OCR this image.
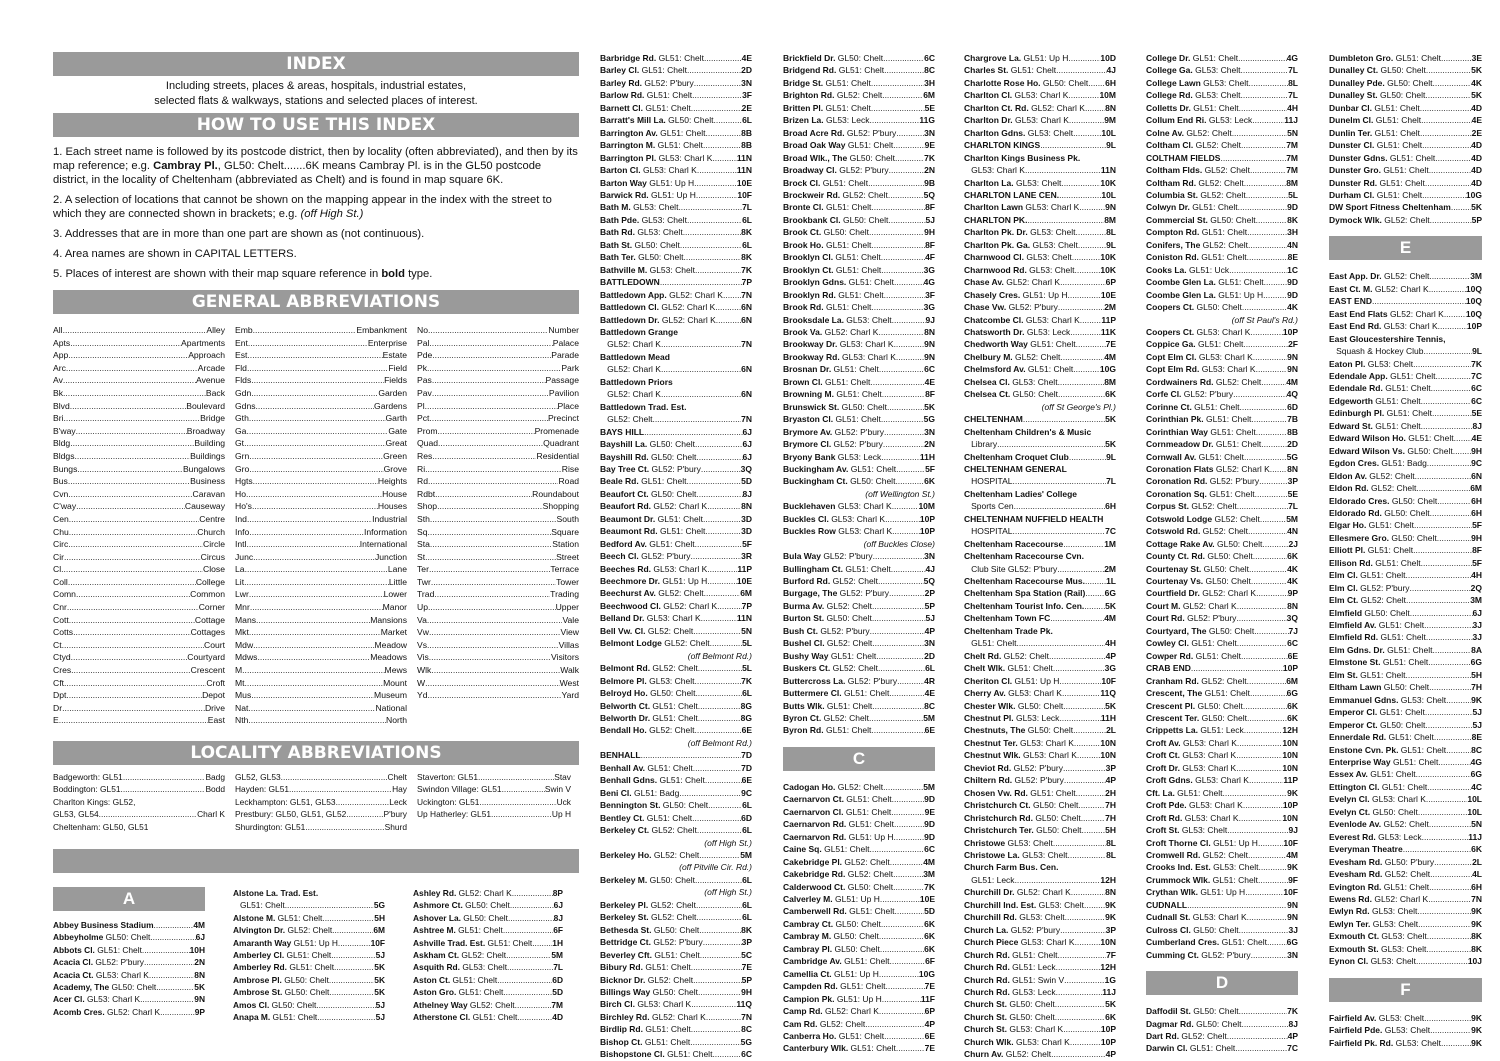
INDEX
Including streets, places & areas, hospitals, industrial estates,
selected flats & walkways, stations and selected places of interest.
HOW TO USE THIS INDEX

1. Each street name is followed by its postcode district, then by locality (often abbreviated), and then by its map reference; e.g. Cambray Pl., GL50: Chelt.......6K means Cambray Pl. is in the GL50 postcode district, in the locality of Cheltenham (abbreviated as Chelt) and is found in map square 6K.

2. A selection of locations that cannot be shown on the mapping appear in the index with the street to which they are connected shown in brackets; e.g. (off High St.)

3. Addresses that are in more than one part are shown as (not continuous).

4. Area names are shown in CAPITAL LETTERS.

5. Places of interest are shown with their map square reference in bold type.

GENERAL ABBREVIATIONS
All .....	Alley
Apts .....	Apartments
App .....	Approach
Arc .....	Arcade
Av .....	Avenue
Bk .....	Back
Blvd .....	Boulevard
Bri .....	Bridge
B'way .....	Broadway
Bldg .....	Building
Bldgs .....	Buildings
Bungs .....	Bungalows
Bus .....	Business
Cvn .....	Caravan
C'way .....	Causeway
Cen .....	Centre
Chu .....	Church
Circ .....	Circle
Cir .....	Circus
Cl .....	Close
Coll .....	College
Comn .....	Common
Cnr .....	Corner
Cott .....	Cottage
Cotts .....	Cottages
Ct .....	Court
Ctyd .....	Courtyard
Cres .....	Crescent
Cft .....	Croft
Dpt .....	Depot
Dr .....	Drive
E .....	East
Emb .....	Embankment
Ent .....	Enterprise
Est .....	Estate
Fld .....	Field
Flds .....	Fields
Gdn .....	Garden
Gdns .....	Gardens
Gth .....	Garth
Ga .....	Gate
Gt .....	Great
Grn .....	Green
Gro .....	Grove
Hgts .....	Heights
Ho .....	House
Ho's .....	Houses
Ind .....	Industrial
Info .....	Information
Intl .....	International
Junc .....	Junction
La .....	Lane
Lit .....	Little
Lwr .....	Lower
Mnr .....	Manor
Mans .....	Mansions
Mkt .....	Market
Mdw .....	Meadow
Mdws .....	Meadows
M .....	Mews
Mt .....	Mount
Mus .....	Museum
Nat .....	National
Nth .....	North
No .....	Number
Pal .....	Palace
Pde .....	Parade
Pk .....	Park
Pas .....	Passage
Pav .....	Pavilion
Pl .....	Place
Pct .....	Precinct
Prom .....	Promenade
Quad .....	Quadrant
Res .....	Residential
Ri .....	Rise
Rd .....	Road
Rdbt .....	Roundabout
Shop .....	Shopping
Sth .....	South
Sq .....	Square
Sta .....	Station
St .....	Street
Ter .....	Terrace
Twr .....	Tower
Trad .....	Trading
Up .....	Upper
Va .....	Vale
Vw .....	View
Vs .....	Villas
Vis .....	Visitors
Wlk .....	Walk
W .....	West
Yd .....	Yard
LOCALITY ABBREVIATIONS
Badgeworth: GL51 .....	Badg
Boddington: GL51 .....	Bodd
Charlton Kings: GL52,
GL53, GL54 .....	Charl K
Cheltenham: GL50, GL51
GL52, GL53 .....	Chelt
Hayden: GL51 .....	Hay
Leckhampton: GL51, GL53 .....	Leck
Prestbury: GL50, GL51, GL52 .....	P'bury
Shurdington: GL51 .....	Shurd
Staverton: GL51 .....	Stav
Swindon Village: GL51 .....	Swin V
Uckington: GL51 .....	Uck
Up Hatherley: GL51 .....	Up H
A
Abbey Business Stadium .....	4M
Abbeyholme GL50: Chelt .....	6J
Abbots Cl. GL51: Chelt .....	10H
Acacia Cl. GL52: P'bury .....	2N
Acacia Ct. GL53: Charl K .....	8N
Academy, The GL50: Chelt .....	5K
Acer Cl. GL53: Charl K .....	9N
Acomb Cres. GL52: Charl K .....	9P
Alstone La. Trad. Est.
GL51: Chelt .....	5G
Alstone M. GL51: Chelt .....	5H
Alvington Dr. GL52: Chelt .....	6M
Amaranth Way GL51: Up H .....	10F
Amberley Cl. GL51: Chelt .....	5J
Amberley Rd. GL51: Chelt .....	5K
Ambrose Pl. GL50: Chelt .....	5K
Ambrose St. GL50: Chelt .....	5K
Amos Cl. GL50: Chelt .....	5J
Anapa M. GL51: Chelt .....	5J
Ashley Rd. GL52: Charl K .....	8P
Ashmore Ct. GL50: Chelt .....	6J
Ashover La. GL50: Chelt .....	8J
Ashtree M. GL51: Chelt .....	6F
Ashville Trad. Est. GL51: Chelt ..... 1H
Askham Ct. GL52: Chelt .....	5M
Asquith Rd. GL53: Chelt .....	7L
Aston Ct. GL51: Chelt .....	6D
Aston Gro. GL51: Chelt .....	5D
Athelney Way GL52: Chelt .....	7M
Atherstone Cl. GL51: Chelt .....	4D
Barbridge Rd. GL51: Chelt .....	4E
Barley Cl. GL51: Chelt .....	2D
Barley Rd. GL52: P'bury .....	3N
Barlow Rd. GL51: Chelt .....	3F
Barnett Cl. GL51: Chelt .....	2E
Barratt's Mill La. GL50: Chelt .....	6L
Barrington Av. GL51: Chelt .....	8B
Barrington M. GL51: Chelt .....	8B
Barrington Pl. GL53: Charl K .....	11N
Barton Cl. GL53: Charl K .....	11N
Barton Way GL51: Up H .....	10E
Barwick Rd. GL51: Up H .....	10F
Bath M. GL53: Chelt .....	7L
Bath Pde. GL53: Chelt .....	6L
Bath Rd. GL53: Chelt .....	8K
Bath St. GL50: Chelt .....	6L
Bath Ter. GL50: Chelt .....	8K
Bathville M. GL53: Chelt .....	7K
BATTLEDOWN .....	7P
Battledown App. GL52: Charl K ..... 7N
Battledown Cl. GL52: Charl K .....	6N
Battledown Dr. GL52: Charl K .....	6N
Battledown Grange
GL52: Charl K .....	7N
Battledown Mead
GL52: Charl K .....	6N
Battledown Priors
GL52: Charl K .....	6N
Battledown Trad. Est.
GL52: Chelt .....	7N
BAYS HILL .....	6J
Bayshill La. GL50: Chelt .....	6J
Bayshill Rd. GL50: Chelt .....	6J
Bay Tree Ct. GL52: P'bury .....	3Q
Beale Rd. GL51: Chelt .....	5D
Beaufort Ct. GL50: Chelt .....	8J
Beaufort Rd. GL52: Charl K .....	8N
Beaumont Dr. GL51: Chelt .....	3D
Beaumont Rd. GL51: Chelt .....	3D
Bedford Av. GL51: Chelt .....	5F
Beech Cl. GL52: P'bury .....	3R
Beeches Rd. GL53: Charl K .....	11P
Beechmore Dr. GL51: Up H .....	10E
Beechurst Av. GL52: Chelt .....	6M
Beechwood Cl. GL52: Charl K .....	7P
Belland Dr. GL53: Charl K .....	11N
Bell Vw. Cl. GL52: Chelt .....	5N
Belmont Lodge GL52: Chelt .....	5L
(off Belmont Rd.)
Belmont Rd. GL52: Chelt .....	5L
Belmore Pl. GL53: Chelt .....	7K
Belroyd Ho. GL50: Chelt .....	6L
Belworth Ct. GL51: Chelt .....	8G
Belworth Dr. GL51: Chelt .....	8G
Bendall Ho. GL52: Chelt .....	6E
(off Belmont Rd.)
BENHALL .....	7D
Benhall Av. GL51: Chelt .....	7D
Benhall Gdns. GL51: Chelt .....	6E
Beni Cl. GL51: Badg .....	9C
Bennington St. GL50: Chelt .....	6L
Bentley Ct. GL51: Chelt .....	6D
Berkeley Ct. GL52: Chelt .....	6L
(off High St.)
Berkeley Ho. GL52: Chelt .....	5M
(off Pitville Cir. Rd.)
Berkeley M. GL50: Chelt .....	6L
(off High St.)
Berkeley Pl. GL52: Chelt .....	6L
Berkeley St. GL52: Chelt .....	6L
Bethesda St. GL50: Chelt .....	8K
Bettridge Ct. GL52: P'bury .....	3P
Beverley Cft. GL51: Chelt .....	5C
Bibury Rd. GL51: Chelt .....	7E
Bicknor Dr. GL52: Chelt .....	5P
Billings Way GL50: Chelt .....	9H
Birch Cl. GL53: Charl K .....	11Q
Birchley Rd. GL52: Charl K .....	7N
Birdlip Rd. GL51: Chelt .....	8C
Bishop Ct. GL51: Chelt .....	5G
Bishopstone Cl. GL51: Chelt .....	6C
Brickfield Dr. GL50: Chelt .....	6C
Bridgend Rd. GL51: Chelt .....	8C
Bridge St. GL51: Chelt .....	3H
Brighton Rd. GL52: Chelt .....	6M
Britten Pl. GL51: Chelt .....	5E
Brizen La. GL53: Leck .....	11G
Broad Acre Rd. GL52: P'bury .....	3N
Broad Oak Way GL51: Chelt .....	9E
Broad Wlk., The GL50: Chelt .....	7K
Broadway Cl. GL52: P'bury .....	2N
Brock Cl. GL51: Chelt .....	9B
Brockweir Rd. GL52: Chelt .....	5Q
Bronte Cl. GL51: Chelt .....	8F
Brookbank Cl. GL50: Chelt .....	5J
Brook Ct. GL50: Chelt .....	9H
Brook Ho. GL51: Chelt .....	8F
Brooklyn Cl. GL51: Chelt .....	4F
Brooklyn Ct. GL51: Chelt .....	3G
Brooklyn Gdns. GL51: Chelt .....	4G
Brooklyn Rd. GL51: Chelt .....	3F
Brook Rd. GL51: Chelt .....	3G
Brooksdale La. GL53: Chelt .....	9J
Brook Va. GL52: Charl K .....	8N
Brookway Dr. GL53: Charl K .....	9N
Brookway Rd. GL53: Charl K .....	9N
Brosnan Dr. GL51: Chelt .....	6C
Brown Cl. GL51: Chelt .....	4E
Browning M. GL51: Chelt .....	8F
Brunswick St. GL50: Chelt .....	5K
Bryaston Cl. GL51: Chelt .....	5G
Brymore Av. GL52: P'bury .....	3N
Brymore Cl. GL52: P'bury .....	2N
Bryony Bank GL53: Leck .....	11H
Buckingham Av. GL51: Chelt .....	5F
Buckingham Ct. GL50: Chelt .....	6K
(off Wellington St.)
Bucklehaven GL53: Charl K .....	10M
Buckles Cl. GL53: Charl K .....	10P
Buckles Row GL53: Charl K .....	10P
(off Buckles Close)
Bula Way GL52: P'bury .....	3N
Bullingham Ct. GL51: Chelt .....	4J
Burford Rd. GL52: Chelt .....	5Q
Burgage, The GL52: P'bury .....	2P
Burma Av. GL52: Chelt .....	5P
Burton St. GL50: Chelt .....	5J
Bush Ct. GL52: P'bury .....	4P
Bushel Cl. GL52: Chelt .....	3N
Bushy Way GL51: Chelt .....	2D
Buskers Ct. GL52: Chelt .....	6L
Buttercross La. GL52: P'bury .....	4R
Buttermere Cl. GL51: Chelt .....	4E
Butts Wlk. GL51: Chelt .....	8C
Byron Ct. GL52: Chelt .....	5M
Byron Rd. GL51: Chelt .....	6E
C
Cadogan Ho. GL52: Chelt .....	5M
Caernarvon Ct. GL51: Chelt .....	9D
Caernarvon Cl. GL51: Chelt .....	9E
Caernarvon Rd. GL51: Chelt .....	9D
Caernarvon Rd. GL51: Up H .....	9D
Caine Sq. GL51: Chelt .....	6C
Cakebridge Pl. GL52: Chelt .....	4M
Cakebridge Rd. GL52: Chelt .....	3M
Calderwood Ct. GL50: Chelt .....	7K
Calverley M. GL51: Up H .....	10E
Camberwell Rd. GL51: Chelt .....	5D
Cambray Ct. GL50: Chelt .....	6K
Cambray M. GL50: Chelt .....	6K
Cambray Pl. GL50: Chelt .....	6K
Cambridge Av. GL51: Chelt .....	6F
Camellia Ct. GL51: Up H .....	10G
Campden Rd. GL51: Chelt .....	7E
Campion Pk. GL51: Up H .....	11F
Camp Rd. GL52: Charl K .....	6P
Cam Rd. GL52: Chelt .....	4P
Canberra Ho. GL51: Chelt .....	6E
Canterbury Wlk. GL51: Chelt .....	7E
Chargrove La. GL51: Up H .....	10D
Charles St. GL51: Chelt .....	4J
Charlotte Rose Ho. GL50: Chelt ..... 6H
Charlton Cl. GL53: Charl K .....	10M
Charlton Ct. Rd. GL52: Charl K ..... 8N
Charlton Dr. GL53: Charl K .....	9M
Charlton Gdns. GL53: Chelt .....	10L
CHARLTON KINGS .....	9L
Charlton Kings Business Pk.
GL53: Charl K .....	11N
Charlton La. GL53: Chelt .....	10K
CHARLTON LANE CEN. .....	10L
Charlton Lawn GL53: Charl K .....	9N
CHARLTON PK. .....	8M
Charlton Pk. Dr. GL53: Chelt .....	8L
Charlton Pk. Ga. GL53: Chelt .....	9L
Charnwood Cl. GL53: Chelt .....	10K
Charnwood Rd. GL53: Chelt .....	10K
Chase Av. GL52: Charl K .....	6P
Chasely Cres. GL51: Up H .....	10E
Chase Vw. GL52: P'bury .....	2M
Chatcombe Cl. GL53: Charl K .....	11P
Chatsworth Dr. GL53: Leck .....	11K
Chedworth Way GL51: Chelt .....	7E
Chelbury M. GL52: Chelt .....	4M
Chelmsford Av. GL51: Chelt .....	10G
Chelsea Cl. GL53: Chelt .....	8M
Chelsea Ct. GL50: Chelt .....	6K
(off St George's Pl.)
CHELTENHAM .....	5K
Cheltenham Children's & Music
Library .....	5K
Cheltenham Croquet Club .....	9L
CHELTENHAM GENERAL
HOSPITAL .....	7L
Cheltenham Ladies' College
Sports Cen. .....	6H
CHELTENHAM NUFFIELD HEALTH
HOSPITAL .....	7C
Cheltenham Racecourse .....	1M
Cheltenham Racecourse Cvn.
Club Site GL52: P'bury .....	2M
Cheltenham Racecourse Mus. ..... 1L
Cheltenham Spa Station (Rail) ..... 6G
Cheltenham Tourist Info. Cen. ..... 5K
Cheltenham Town FC .....	4M
Cheltenham Trade Pk.
GL51: Chelt .....	4H
Chelt Rd. GL52: Chelt .....	4P
Chelt Wlk. GL51: Chelt .....	3G
Cheriton Cl. GL51: Up H .....	10F
Cherry Av. GL53: Charl K .....	11Q
Chester Wlk. GL50: Chelt .....	5K
Chestnut Pl. GL53: Leck .....	11H
Chestnuts, The GL50: Chelt .....	2L
Chestnut Ter. GL53: Charl K .....	10N
Chestnut Wlk. GL53: Charl K .....	10N
Cheviot Rd. GL52: P'bury .....	3P
Chiltern Rd. GL52: P'bury .....	4P
Chosen Vw. Rd. GL51: Chelt .....	2H
Christchurch Ct. GL50: Chelt .....	7H
Christchurch Rd. GL50: Chelt .....	7H
Christchurch Ter. GL50: Chelt .....	5H
Christowe GL53: Chelt .....	8L
Christowe La. GL53: Chelt .....	8L
Church Farm Bus. Cen.
GL51: Leck .....	12H
Churchill Dr. GL52: Charl K .....	8N
Churchill Ind. Est. GL53: Chelt ..... 9K
Churchill Rd. GL53: Chelt .....	9K
Church La. GL52: P'bury .....	3P
Church Piece GL53: Charl K .....	10N
Church Rd. GL51: Chelt .....	7F
Church Rd. GL51: Leck .....	12H
Church Rd. GL51: Swin V .....	1G
Church Rd. GL53: Leck .....	11J
Church St. GL50: Chelt .....	5K
Church St. GL50: Chelt .....	6K
Church St. GL53: Charl K .....	10P
Church Wlk. GL53: Charl K .....	10P
Churn Av. GL52: Chelt .....	4P
College Dr. GL51: Chelt .....	4G
College Ga. GL53: Chelt .....	7L
College Lawn GL53: Chelt .....	8L
College Rd. GL53: Chelt .....	7L
Colletts Dr. GL51: Chelt .....	4H
Collum End Ri. GL53: Leck .....	11J
Colne Av. GL52: Chelt .....	5N
Coltham Cl. GL52: Chelt .....	7M
COLTHAM FIELDS .....	7M
Coltham Flds. GL52: Chelt .....	7M
Coltham Rd. GL52: Chelt .....	8M
Columbia St. GL52: Chelt .....	5L
Colwyn Dr. GL51: Chelt .....	9D
Commercial St. GL50: Chelt .....	8K
Compton Rd. GL51: Chelt .....	3H
Conifers, The GL52: Chelt .....	4N
Coniston Rd. GL51: Chelt .....	8E
Cooks La. GL51: Uck .....	1C
Coombe Glen La. GL51: Chelt .....	9D
Coombe Glen La. GL51: Up H .....	9D
Coopers Ct. GL50: Chelt .....	4K
(off St Paul's Rd.)
Coopers Ct. GL53: Charl K .....	10P
Coppice Ga. GL51: Chelt .....	2F
Copt Elm Cl. GL53: Charl K .....	9N
Copt Elm Rd. GL53: Charl K .....	9N
Cordwainers Rd. GL52: Chelt .....	4M
Corfe Cl. GL52: P'bury .....	4Q
Corinne Ct. GL51: Chelt .....	6D
Corinthian Pk. GL51: Chelt .....	7B
Corinthian Way GL51: Chelt .....	8B
Cornmeadow Dr. GL51: Chelt .....	2D
Cornwall Av. GL51: Chelt .....	5G
Coronation Flats GL52: Charl K ..... 8N
Coronation Rd. GL52: P'bury .....	3P
Coronation Sq. GL51: Chelt .....	5E
Corpus St. GL52: Chelt .....	7L
Cotswold Lodge GL52: Chelt .....	5M
Cotswold Rd. GL52: Chelt .....	4N
Cottage Rake Av. GL50: Chelt .....	2J
County Ct. Rd. GL50: Chelt .....	6K
Courtenay St. GL50: Chelt .....	4K
Courtenay Vs. GL50: Chelt .....	4K
Courtfield Dr. GL52: Charl K .....	9P
Court M. GL52: Charl K .....	8N
Court Rd. GL52: P'bury .....	3Q
Courtyard, The GL50: Chelt .....	7J
Cowley Cl. GL51: Chelt .....	6C
Cowper Rd. GL51: Chelt .....	6E
CRAB END .....	10P
Cranham Rd. GL52: Chelt .....	6M
Crescent, The GL51: Chelt .....	6G
Crescent Pl. GL50: Chelt .....	6K
Crescent Ter. GL50: Chelt .....	6K
Crippetts La. GL51: Leck .....	12H
Croft Av. GL53: Charl K .....	10N
Croft Ct. GL53: Charl K .....	10N
Croft Dr. GL53: Charl K .....	10N
Croft Gdns. GL53: Charl K .....	11P
Cft. La. GL51: Chelt .....	9K
Croft Pde. GL53: Charl K .....	10P
Croft Rd. GL53: Charl K .....	10N
Croft St. GL53: Chelt .....	9J
Croft Thorne Cl. GL51: Up H .....	10F
Cromwell Rd. GL52: Chelt .....	4M
Crooks Ind. Est. GL53: Chelt .....	9K
Crummock Wlk. GL51: Chelt .....	9F
Crythan Wlk. GL51: Up H .....	10F
CUDNALL .....	9N
Cudnall St. GL53: Charl K .....	9N
Culross Cl. GL50: Chelt .....	3J
Cumberland Cres. GL51: Chelt ..... 6G
Cumming Ct. GL52: P'bury .....	3N
D
Daffodil St. GL50: Chelt .....	7K
Dagmar Rd. GL50: Chelt .....	8J
Dart Rd. GL52: Chelt .....	4P
Darwin Cl. GL51: Chelt .....	7C
Dumbleton Gro. GL51: Chelt .....	3E
Dunalley Ct. GL50: Chelt .....	5K
Dunalley Pde. GL50: Chelt .....	4K
Dunalley St. GL50: Chelt .....	5K
Dunbar Cl. GL51: Chelt .....	4D
Dunelm Cl. GL51: Chelt .....	4E
Dunlin Ter. GL51: Chelt .....	2E
Dunster Cl. GL51: Chelt .....	4D
Dunster Gdns. GL51: Chelt .....	4D
Dunster Gro. GL51: Chelt .....	4D
Dunster Rd. GL51: Chelt .....	4D
Durham Cl. GL51: Chelt .....	10G
DW Sport Fitness Cheltenham ..... 5K
Dymock Wlk. GL52: Chelt .....	5P
E
East App. Dr. GL52: Chelt .....	3M
East Ct. M. GL52: Charl K .....	10Q
EAST END .....	10Q
East End Flats GL52: Charl K .....	10Q
East End Rd. GL53: Charl K .....	10P
East Gloucestershire Tennis,
Squash & Hockey Club .....	9L
Eaton Pl. GL53: Chelt .....	7K
Edendale App. GL51: Chelt .....	7C
Edendale Rd. GL51: Chelt .....	6C
Edgeworth GL51: Chelt .....	6C
Edinburgh Pl. GL51: Chelt .....	5E
Edward St. GL51: Chelt .....	8J
Edward Wilson Ho. GL51: Chelt ..... 4E
Edward Wilson Vs. GL50: Chelt ..... 9H
Egdon Cres. GL51: Badg .....	9C
Eldon Av. GL52: Chelt .....	6N
Eldon Rd. GL52: Chelt .....	6M
Eldorado Cres. GL50: Chelt .....	6H
Eldorado Rd. GL50: Chelt .....	6H
Elgar Ho. GL51: Chelt .....	5F
Ellesmere Gro. GL50: Chelt .....	9H
Elliott Pl. GL51: Chelt .....	8F
Ellison Rd. GL51: Chelt .....	5F
Elm Cl. GL51: Chelt .....	4H
Elm Cl. GL52: P'bury .....	2Q
Elm Ct. GL52: Chelt .....	3M
Elmfield GL50: Chelt .....	6J
Elmfield Av. GL51: Chelt .....	3J
Elmfield Rd. GL51: Chelt .....	3J
Elm Gdns. Dr. GL51: Chelt .....	8A
Elmstone St. GL51: Chelt .....	6G
Elm St. GL51: Chelt .....	5H
Eltham Lawn GL50: Chelt .....	7H
Emmanuel Gdns. GL53: Chelt .....	9K
Emperor Cl. GL51: Chelt .....	5J
Emperor Ct. GL50: Chelt .....	5J
Ennerdale Rd. GL51: Chelt .....	8E
Enstone Cvn. Pk. GL51: Chelt .....	8C
Enterprise Way GL51: Chelt .....	4G
Essex Av. GL51: Chelt .....	6G
Ettington Cl. GL51: Chelt .....	4C
Evelyn Cl. GL53: Charl K .....	10L
Evelyn Ct. GL50: Chelt .....	10L
Evenlode Av. GL52: Chelt .....	5N
Everest Rd. GL53: Leck .....	11J
Everyman Theatre .....	6K
Evesham Rd. GL50: P'bury .....	2L
Evesham Rd. GL52: Chelt .....	4L
Evington Rd. GL51: Chelt .....	6H
Ewens Rd. GL52: Charl K .....	7N
Ewlyn Rd. GL53: Chelt .....	9K
Ewlyn Ter. GL53: Chelt .....	9K
Exmouth Ct. GL53: Chelt .....	8K
Exmouth St. GL53: Chelt .....	8K
Eynon Cl. GL53: Chelt .....	10J
F
Fairfield Av. GL53: Chelt .....	9K
Fairfield Pde. GL53: Chelt .....	9K
Fairfield Pk. Rd. GL53: Chelt .....	9K
